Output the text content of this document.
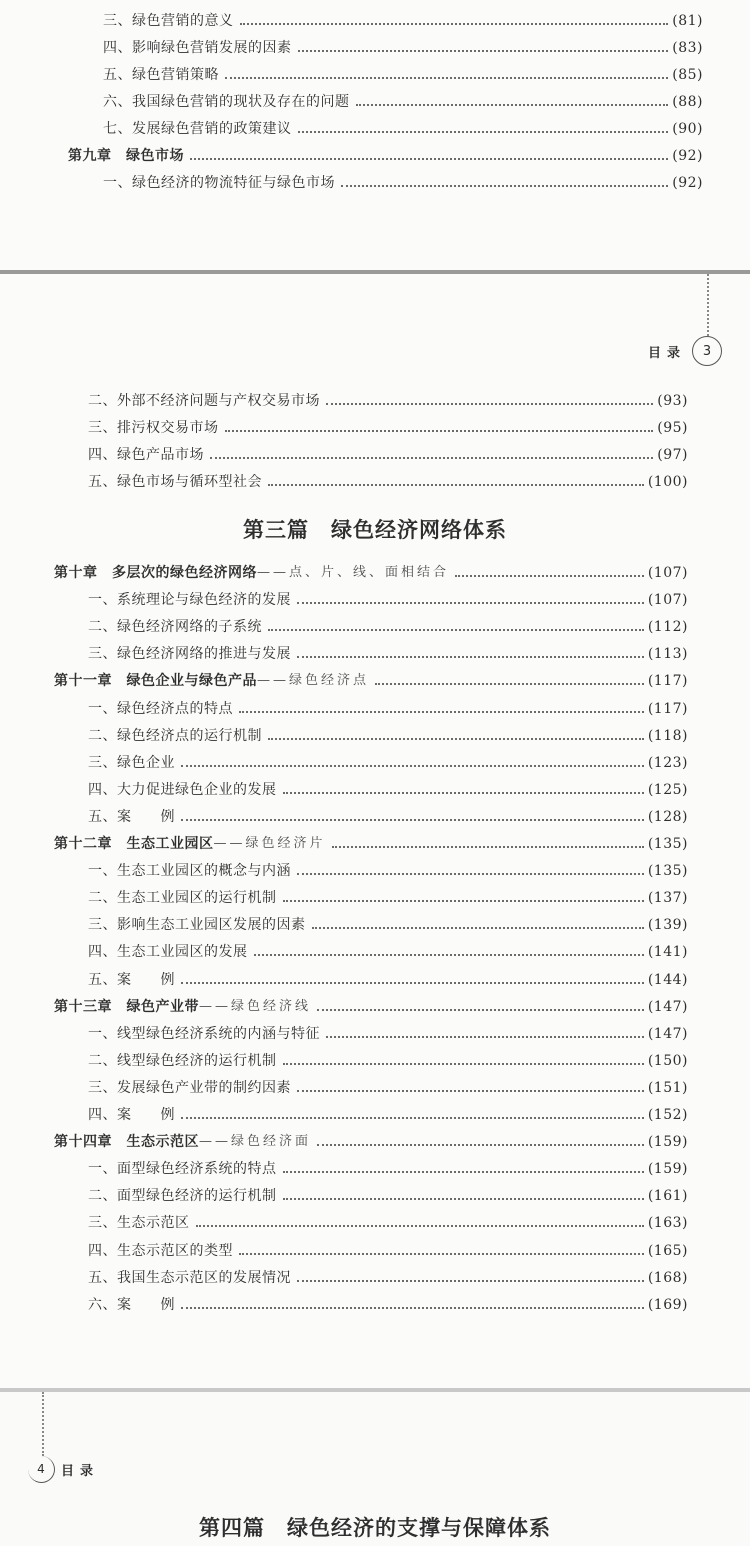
三、绿色营销的意义	(81)
四、影响绿色营销发展的因素	(83)
五、绿色营销策略	(85)
六、我国绿色营销的现状及存在的问题	(88)
七、发展绿色营销的政策建议	(90)
第九章　绿色市场	(92)
一、绿色经济的物流特征与绿色市场	(92)
目录	3
二、外部不经济问题与产权交易市场	(93)
三、排污权交易市场	(95)
四、绿色产品市场	(97)
五、绿色市场与循环型社会	(100)
第三篇　绿色经济网络体系
第十章　多层次的绿色经济网络 ——点、片、线、面相结合	(107)
一、系统理论与绿色经济的发展	(107)
二、绿色经济网络的子系统	(112)
三、绿色经济网络的推进与发展	(113)
第十一章　绿色企业与绿色产品 ——绿色经济点	(117)
一、绿色经济点的特点	(117)
二、绿色经济点的运行机制	(118)
三、绿色企业	(123)
四、大力促进绿色企业的发展	(125)
五、案　　例	(128)
第十二章　生态工业园区 ——绿色经济片	(135)
一、生态工业园区的概念与内涵	(135)
二、生态工业园区的运行机制	(137)
三、影响生态工业园区发展的因素	(139)
四、生态工业园区的发展	(141)
五、案　　例	(144)
第十三章　绿色产业带 ——绿色经济线	(147)
一、线型绿色经济系统的内涵与特征	(147)
二、线型绿色经济的运行机制	(150)
三、发展绿色产业带的制约因素	(151)
四、案　　例	(152)
第十四章　生态示范区 ——绿色经济面	(159)
一、面型绿色经济系统的特点	(159)
二、面型绿色经济的运行机制	(161)
三、生态示范区	(163)
四、生态示范区的类型	(165)
五、我国生态示范区的发展情况	(168)
六、案　　例	(169)
4	目录
第四篇　绿色经济的支撑与保障体系
